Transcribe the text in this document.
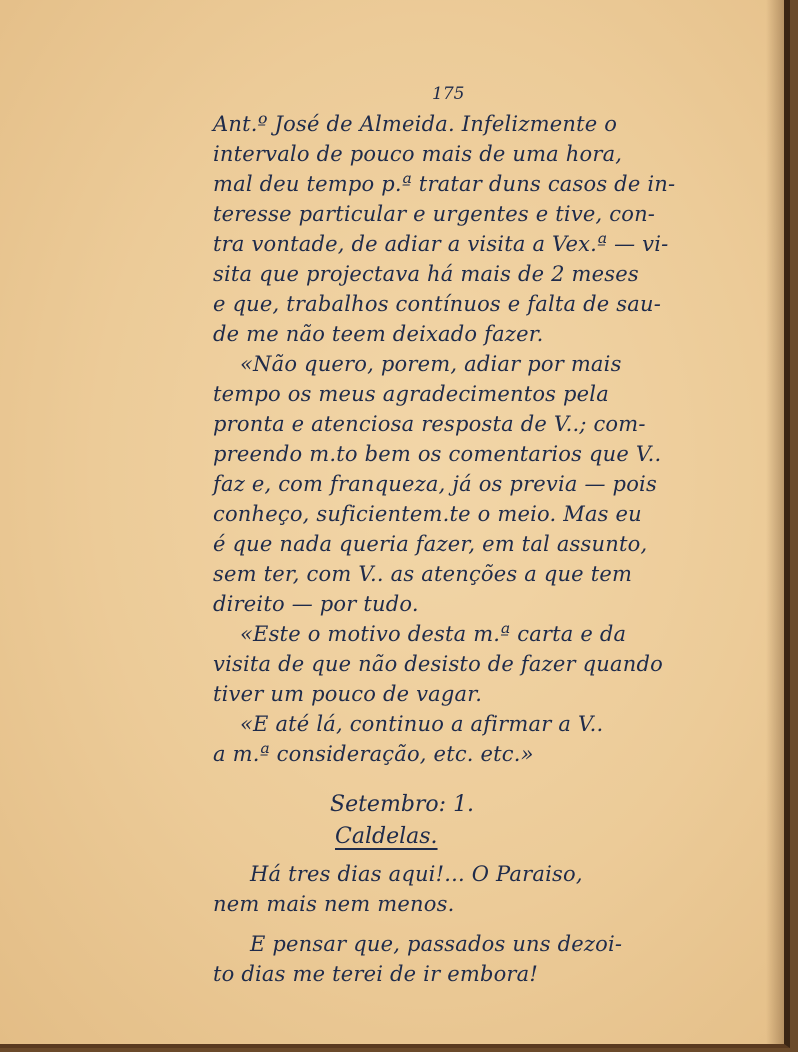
175
Ant.º José de Almeida. Infelizmente o
intervalo de pouco mais de uma hora,
mal deu tempo p.ª tratar duns casos de in-
teresse particular e urgentes e tive, con-
tra vontade, de adiar a visita a Vex.ª — vi-
sita que projectava há mais de 2 meses
e que, trabalhos contínuos e falta de sau-
de me não teem deixado fazer.
«Não quero, porem, adiar por mais
tempo os meus agradecimentos pela
pronta e atenciosa resposta de V..; com-
preendo m.to bem os comentarios que V..
faz e, com franqueza, já os previa — pois
conheço, suficientem.te o meio. Mas eu
é que nada queria fazer, em tal assunto,
sem ter, com V.. as atenções a que tem
direito — por tudo.
«Este o motivo desta m.ª carta e da
visita de que não desisto de fazer quando
tiver um pouco de vagar.
«E até lá, continuo a afirmar a V..
a m.ª consideração, etc. etc.»
Setembro: 1.
Caldelas.
Há tres dias aqui!... O Paraiso,
nem mais nem menos.
E pensar que, passados uns dezoi-
to dias me terei de ir embora!
